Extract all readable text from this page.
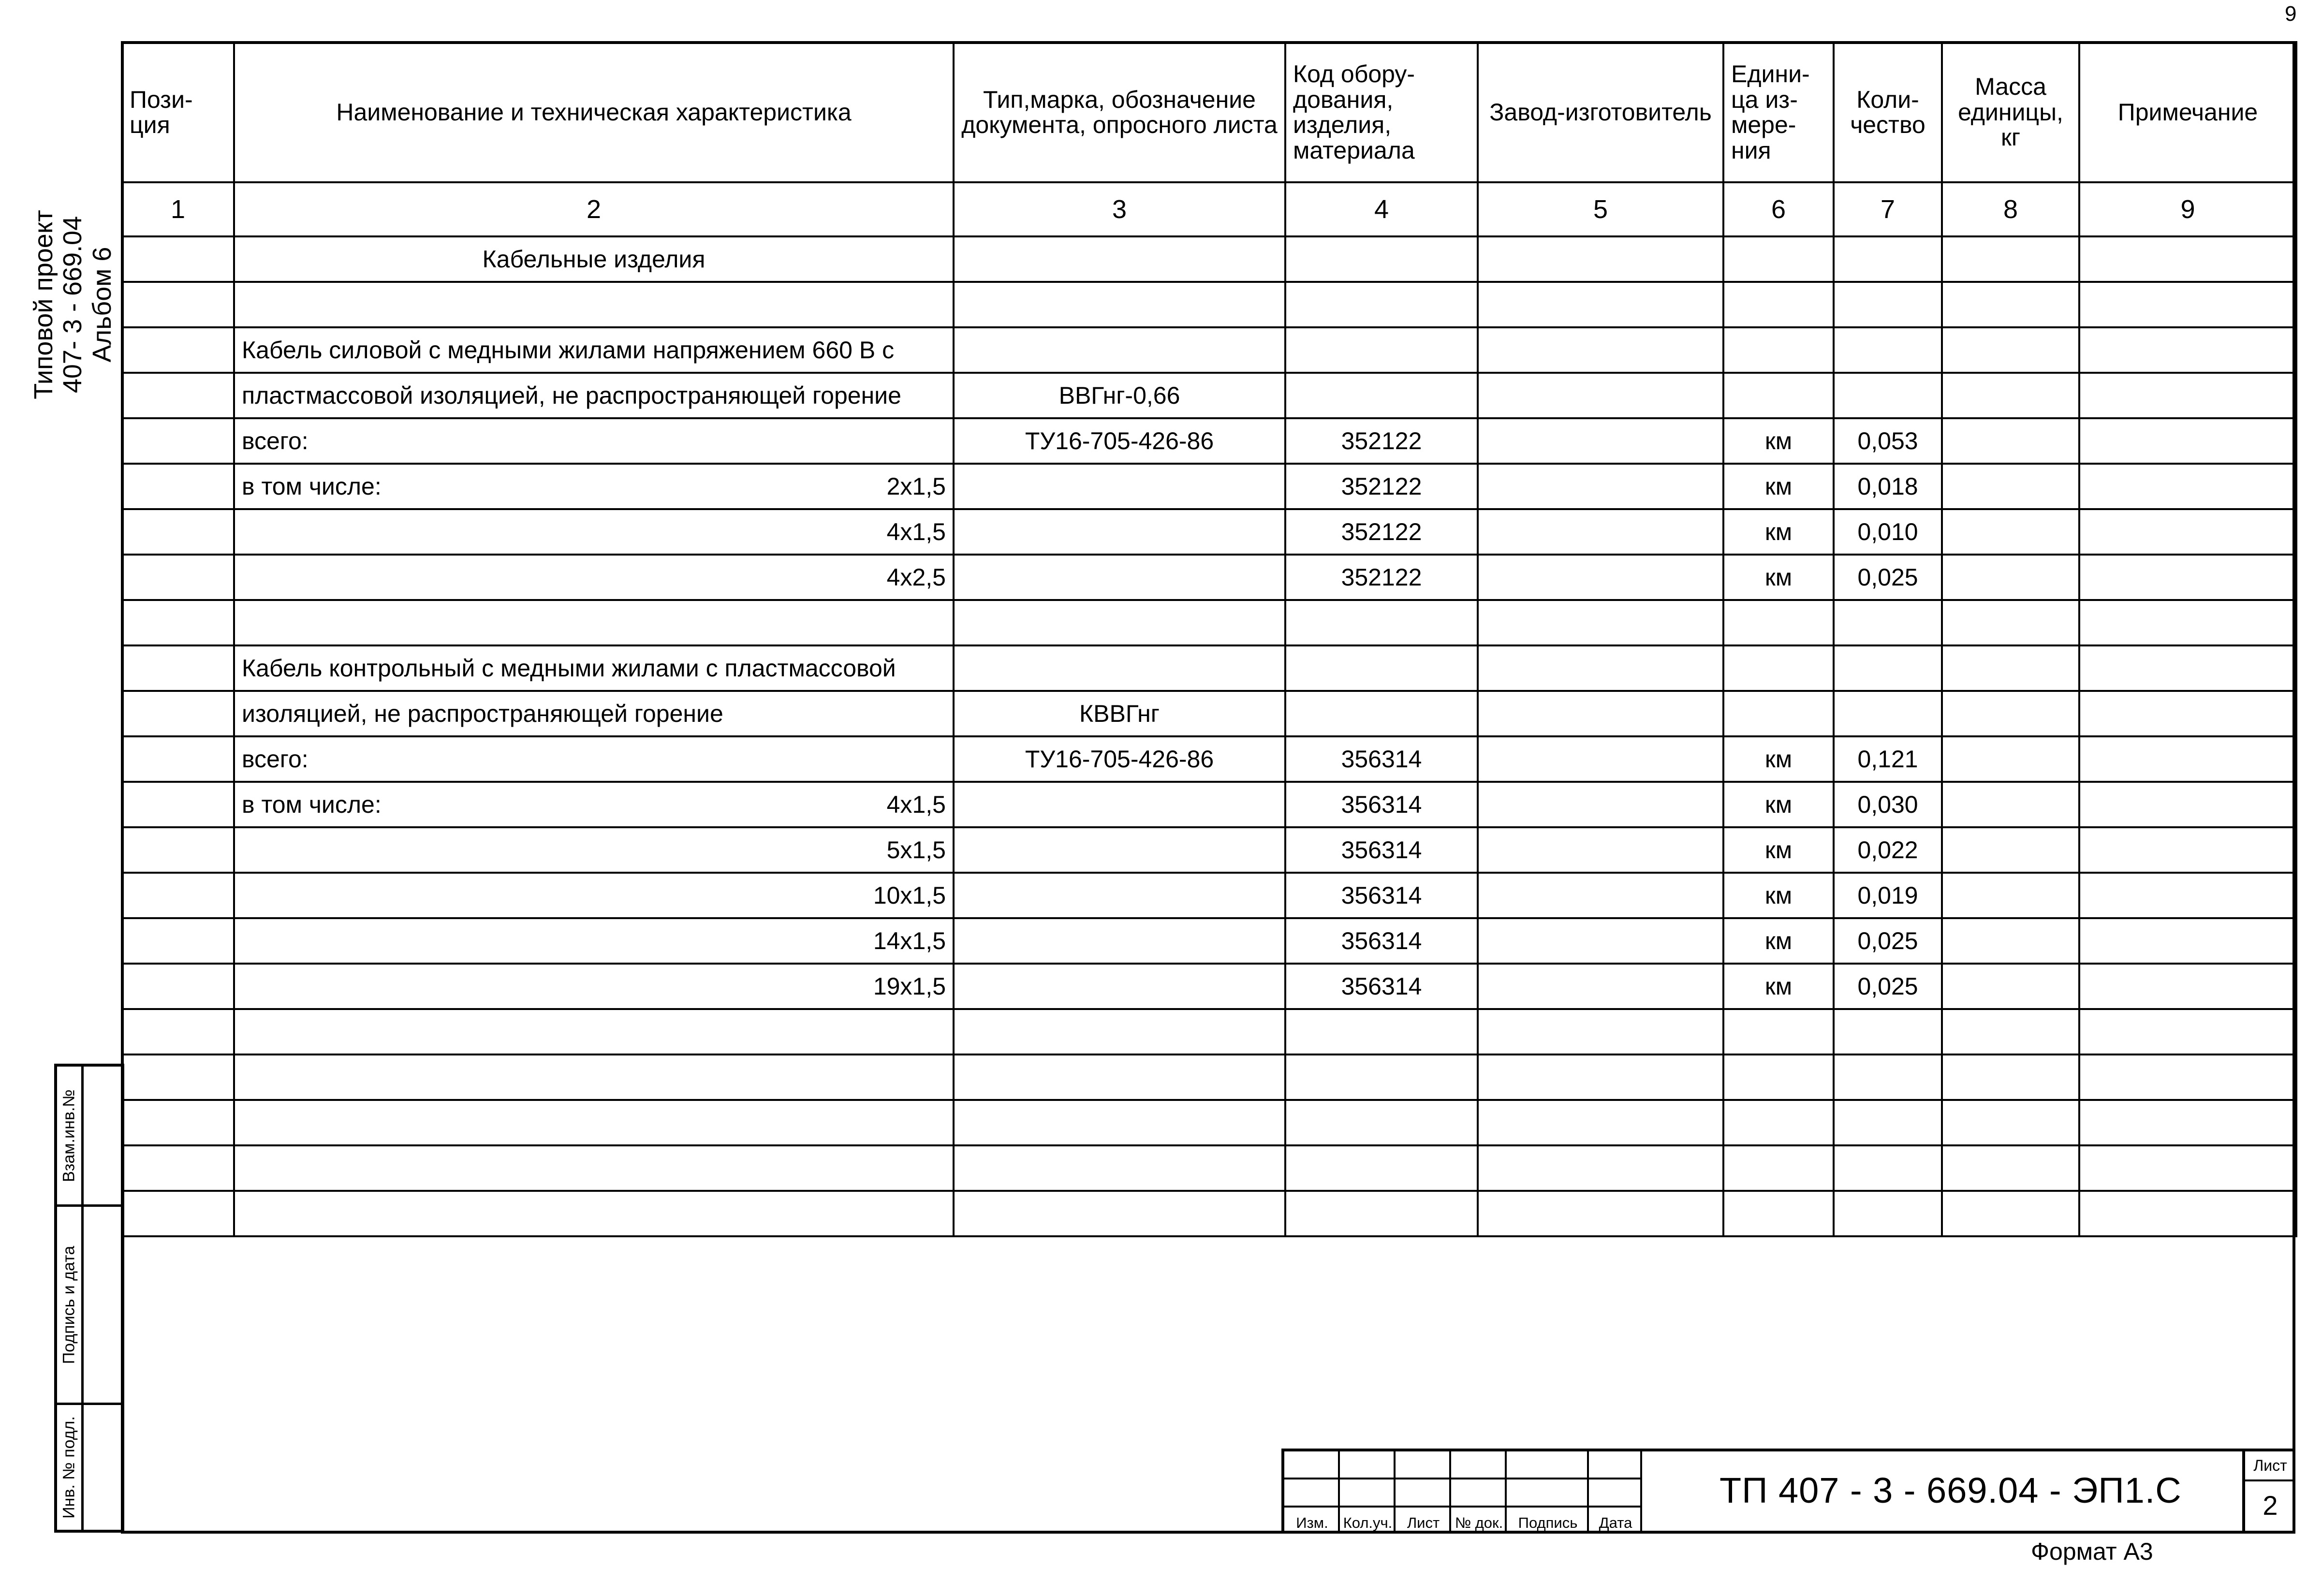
9
Типовой проект 407- 3 - 669.04 Альбом 6
Пози-ция	Наименование и техническая характеристика	Тип,марка, обозначение документа, опросного листа	Код обору-дования, изделия, материала	Завод-изготовитель	Едини-ца из-мере-ния	Коли-чество	Масса единицы, кг	Примечание
1	2	3	4	5	6	7	8	9
	Кабельные изделия							

	Кабель силовой с медными жилами напряжением 660 В с							
	пластмассовой изоляцией, не распространяющей горение	ВВГнг-0,66						
	всего:	ТУ16-705-426-86	352122		км	0,053		

	в том числе: 2х1,5		352122		км	0,018		

	4х1,5		352122		км	0,010		

	4х2,5		352122		км	0,025		

	Кабель контрольный с медными жилами с пластмассовой							
	изоляцией, не распространяющей горение	КВВГнг						
	всего:	ТУ16-705-426-86	356314		км	0,121		

	в том числе: 4х1,5		356314		км	0,030		

	5х1,5		356314		км	0,022		

	10х1,5		356314		км	0,019		

	14х1,5		356314		км	0,025		

	19х1,5		356314		км	0,025		

Взам.инв.№
Подпись и дата
Инв. № подл.
Изм.	Кол.уч. Лист	№ док.	Подпись	Дата
ТП 407 - 3 - 669.04 - ЭП1.С
Лист
2
Формат А3
